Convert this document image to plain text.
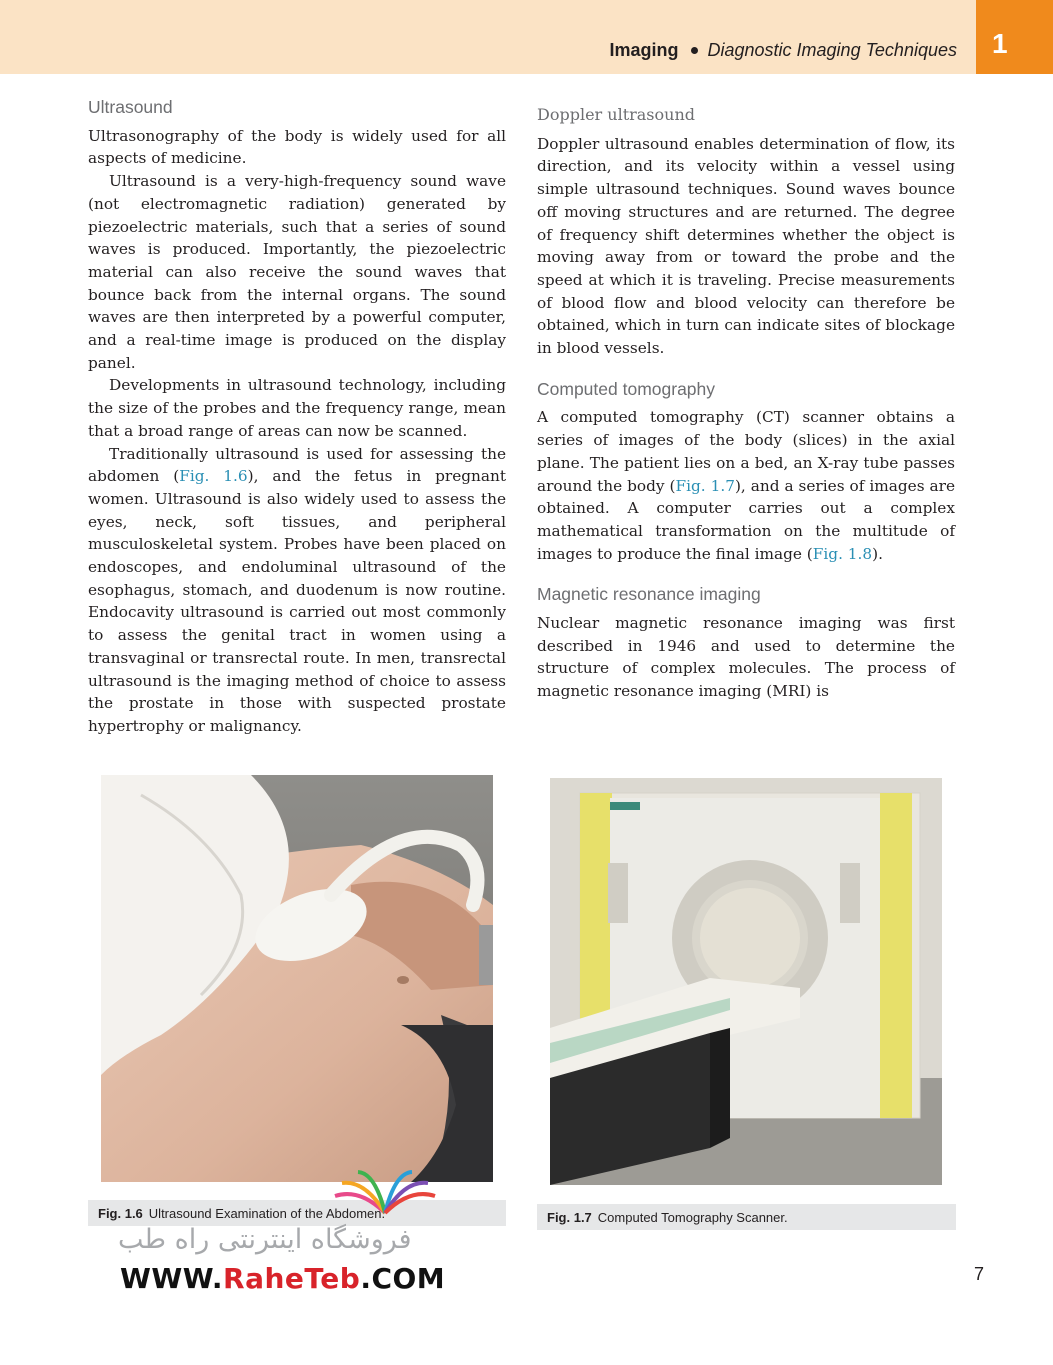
Imaging Diagnostic Imaging Techniques	1
Ultrasound

Ultrasonography of the body is widely used for all aspects of medicine.

Ultrasound is a very-high-frequency sound wave (not electromagnetic radiation) generated by piezoelectric materials, such that a series of sound waves is produced. Importantly, the piezoelectric material can also receive the sound waves that bounce back from the internal organs. The sound waves are then interpreted by a powerful computer, and a real-time image is produced on the display panel.

Developments in ultrasound technology, including the size of the probes and the frequency range, mean that a broad range of areas can now be scanned.

Traditionally ultrasound is used for assessing the abdomen (Fig. 1.6), and the fetus in pregnant women. Ultrasound is also widely used to assess the eyes, neck, soft tissues, and peripheral musculoskeletal system. Probes have been placed on endoscopes, and endoluminal ultrasound of the esophagus, stomach, and duodenum is now routine. Endocavity ultrasound is carried out most commonly to assess the genital tract in women using a transvaginal or transrectal route. In men, transrectal ultrasound is the imaging method of choice to assess the prostate in those with suspected prostate hypertrophy or malignancy.

Doppler ultrasound

Doppler ultrasound enables determination of flow, its direction, and its velocity within a vessel using simple ultrasound techniques. Sound waves bounce off moving structures and are returned. The degree of frequency shift determines whether the object is moving away from or toward the probe and the speed at which it is traveling. Precise measurements of blood flow and blood velocity can therefore be obtained, which in turn can indicate sites of blockage in blood vessels.

Computed tomography

A computed tomography (CT) scanner obtains a series of images of the body (slices) in the axial plane. The patient lies on a bed, an X-ray tube passes around the body (Fig. 1.7), and a series of images are obtained. A computer carries out a complex mathematical transformation on the multitude of images to produce the final image (Fig. 1.8).

Magnetic resonance imaging

Nuclear magnetic resonance imaging was first described in 1946 and used to determine the structure of complex molecules. The process of magnetic resonance imaging (MRI) is

Fig. 1.6 Ultrasound Examination of the Abdomen.	Fig. 1.7 Computed Tomography Scanner.
7
فروشگاه اینترنتی راه طب
WWW.RaheTeb.COM
